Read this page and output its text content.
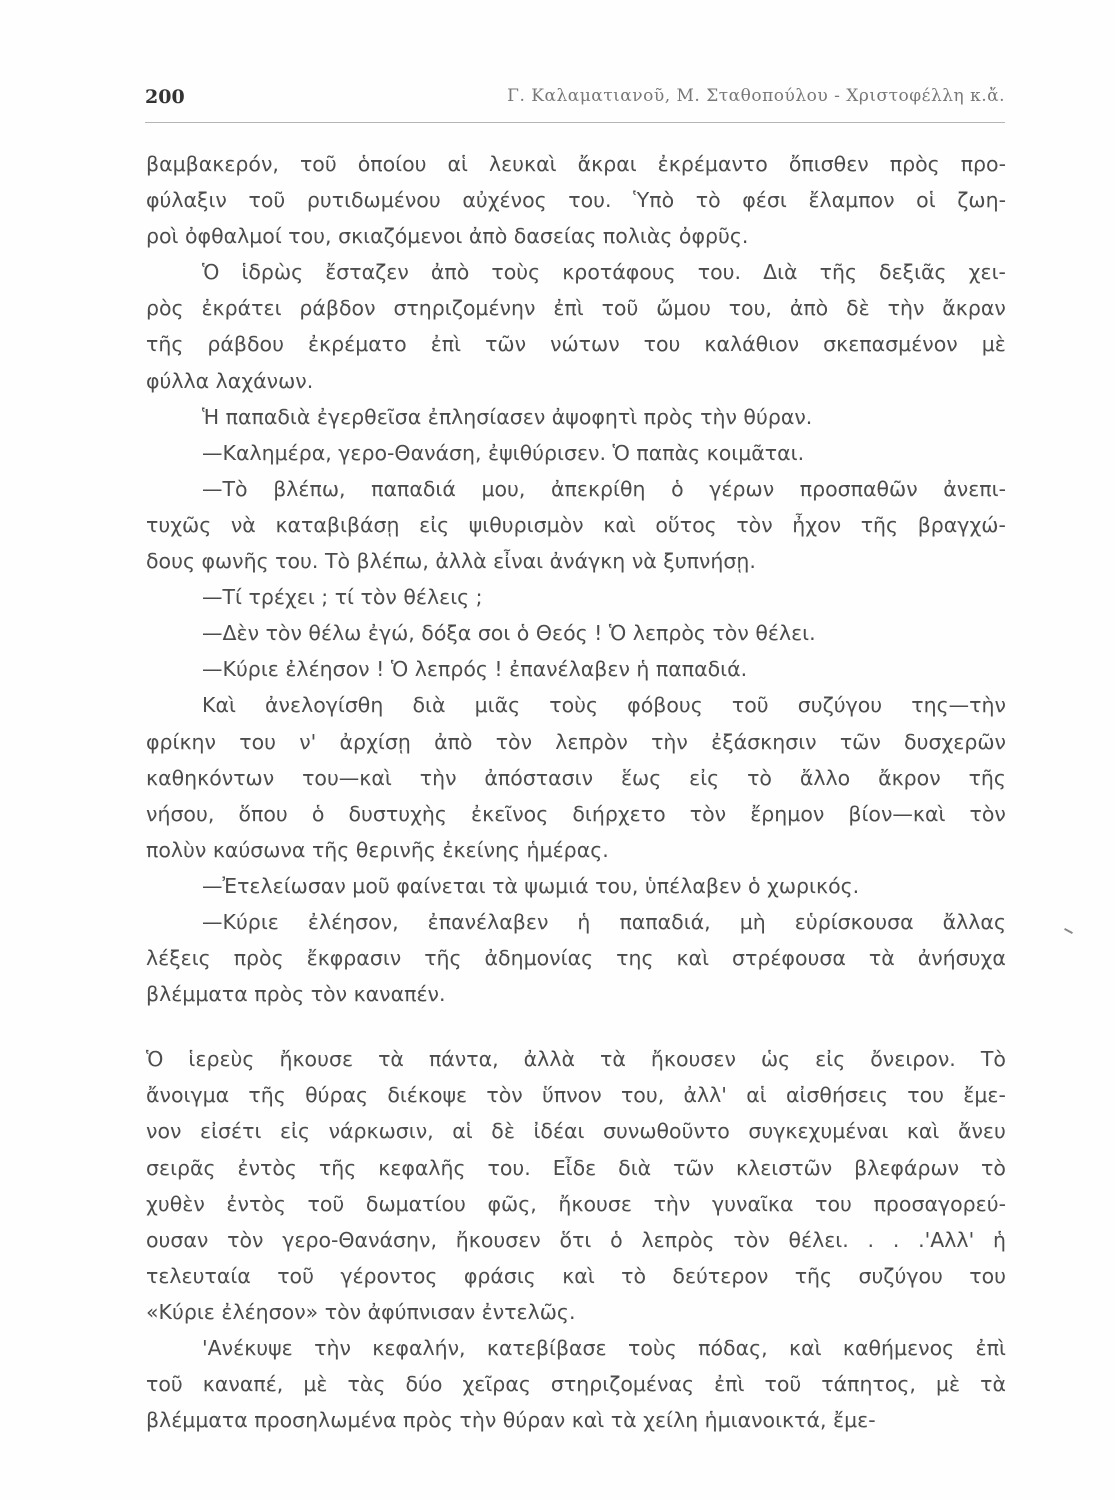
200	Γ. Καλαματιανοῦ, Μ. Σταθοπούλου - Χριστοφέλλη κ.ἄ.
βαμβακερόν, τοῦ ὁποίου αἱ λευκαὶ ἄκραι ἐκρέμαντο ὄπισθεν πρὸς προ-
φύλαξιν τοῦ ρυτιδωμένου αὐχένος του. Ὑπὸ τὸ φέσι ἔλαμπον οἱ ζωη-
ροὶ ὀφθαλμοί του, σκιαζόμενοι ἀπὸ δασείας πολιὰς ὀφρῦς.
Ὁ ἱδρὼς ἔσταζεν ἀπὸ τοὺς κροτάφους του. Διὰ τῆς δεξιᾶς χει-
ρὸς ἐκράτει ράβδον στηριζομένην ἐπὶ τοῦ ὤμου του, ἀπὸ δὲ τὴν ἄκραν
τῆς ράβδου ἐκρέματο ἐπὶ τῶν νώτων του καλάθιον σκεπασμένον μὲ
φύλλα λαχάνων.
Ἡ παπαδιὰ ἐγερθεῖσα ἐπλησίασεν ἀψοφητὶ πρὸς τὴν θύραν.
—Καλημέρα, γερο-Θανάση, ἐψιθύρισεν. Ὁ παπὰς κοιμᾶται.
—Τὸ βλέπω, παπαδιά μου, ἀπεκρίθη ὁ γέρων προσπαθῶν ἀνεπι-
τυχῶς νὰ καταβιβάσῃ εἰς ψιθυρισμὸν καὶ οὕτος τὸν ἦχον τῆς βραγχώ-
δους φωνῆς του. Τὸ βλέπω, ἀλλὰ εἶναι ἀνάγκη νὰ ξυπνήσῃ.
—Τί τρέχει ; τί τὸν θέλεις ;
—Δὲν τὸν θέλω ἐγώ, δόξα σοι ὁ Θεός ! Ὁ λεπρὸς τὸν θέλει.
—Κύριε ἐλέησον ! Ὁ λεπρός ! ἐπανέλαβεν ἡ παπαδιά.
Καὶ ἀνελογίσθη διὰ μιᾶς τοὺς φόβους τοῦ συζύγου της—τὴν
φρίκην του ν' ἀρχίσῃ ἀπὸ τὸν λεπρὸν τὴν ἐξάσκησιν τῶν δυσχερῶν
καθηκόντων του—καὶ τὴν ἀπόστασιν ἕως εἰς τὸ ἄλλο ἄκρον τῆς
νήσου, ὅπου ὁ δυστυχὴς ἐκεῖνος διήρχετο τὸν ἔρημον βίον—καὶ τὸν
πολὺν καύσωνα τῆς θερινῆς ἐκείνης ἡμέρας.
—Ἐτελείωσαν μοῦ φαίνεται τὰ ψωμιά του, ὑπέλαβεν ὁ χωρικός.
—Κύριε ἐλέησον, ἐπανέλαβεν ἡ παπαδιά, μὴ εὑρίσκουσα ἄλλας
λέξεις πρὸς ἔκφρασιν τῆς ἀδημονίας της καὶ στρέφουσα τὰ ἀνήσυχα
βλέμματα πρὸς τὸν καναπέν.
Ὁ ἱερεὺς ἤκουσε τὰ πάντα, ἀλλὰ τὰ ἤκουσεν ὡς εἰς ὄνειρον. Τὸ
ἄνοιγμα τῆς θύρας διέκοψε τὸν ὕπνον του, ἀλλ' αἱ αἰσθήσεις του ἔμε-
νον εἰσέτι εἰς νάρκωσιν, αἱ δὲ ἰδέαι συνωθοῦντο συγκεχυμέναι καὶ ἄνευ
σειρᾶς ἐντὸς τῆς κεφαλῆς του. Εἶδε διὰ τῶν κλειστῶν βλεφάρων τὸ
χυθὲν ἐντὸς τοῦ δωματίου φῶς, ἤκουσε τὴν γυναῖκα του προσαγορεύ-
ουσαν τὸν γερο-Θανάσην, ἤκουσεν ὅτι ὁ λεπρὸς τὸν θέλει. . . .'Αλλ' ἡ
τελευταία τοῦ γέροντος φράσις καὶ τὸ δεύτερον τῆς συζύγου του
«Κύριε ἐλέησον» τὸν ἀφύπνισαν ἐντελῶς.
'Ανέκυψε τὴν κεφαλήν, κατεβίβασε τοὺς πόδας, καὶ καθήμενος ἐπὶ
τοῦ καναπέ, μὲ τὰς δύο χεῖρας στηριζομένας ἐπὶ τοῦ τάπητος, μὲ τὰ
βλέμματα προσηλωμένα πρὸς τὴν θύραν καὶ τὰ χείλη ἡμιανοικτά, ἔμε-
